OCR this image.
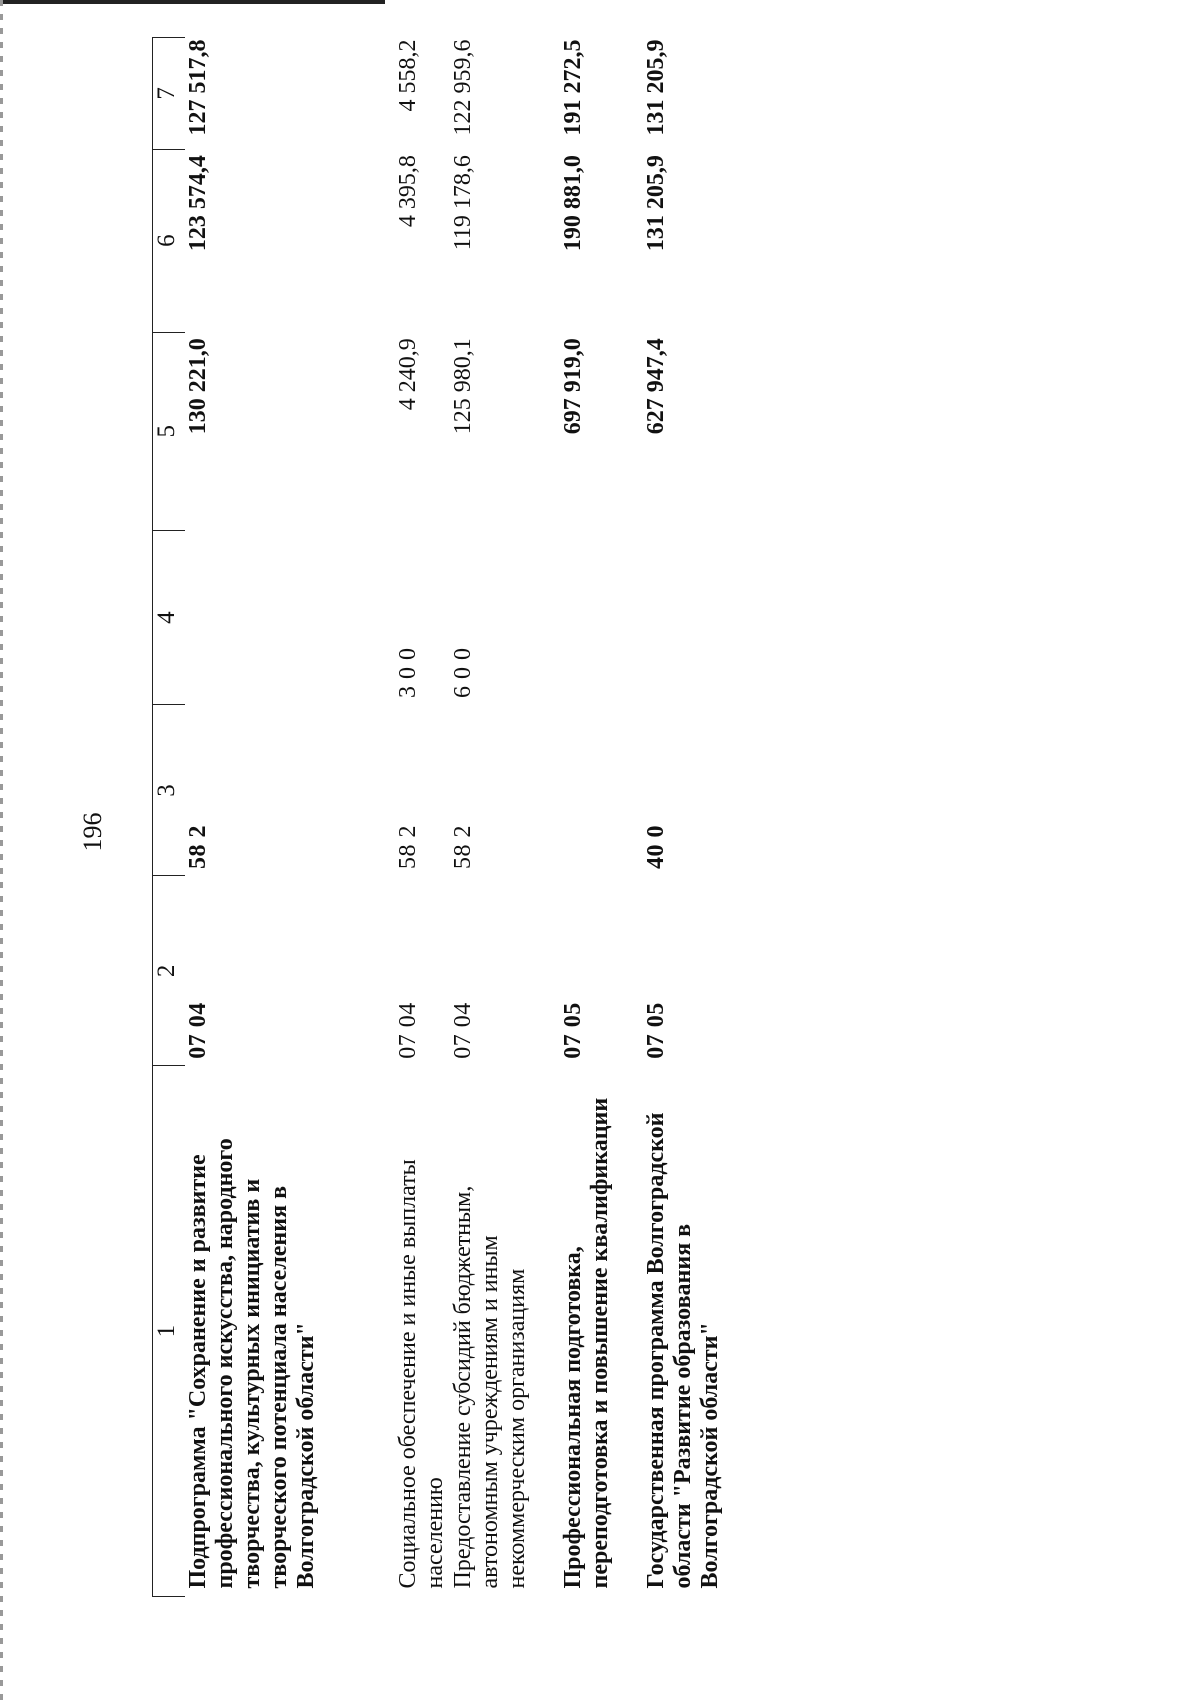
196
1	2	3	4	5	6	7

Подпрограмма "Сохранение и развитие профессионального искусства, народного творчества, культурных инициатив и творческого потенциала населения в Волгоградской области"	07 04	58 2		130 221,0	123 574,4	127 517,8

Социальное обеспечение и иные выплаты населению	07 04	58 2	3 0 0	4 240,9	4 395,8	4 558,2

Предоставление субсидий бюджетным, автономным учреждениям и иным некоммерческим организациям	07 04	58 2	6 0 0	125 980,1	119 178,6	122 959,6

Профессиональная подготовка, переподготовка и повышение квалификации	07 05			697 919,0	190 881,0	191 272,5

Государственная программа Волгоградской области "Развитие образования в Волгоградской области"	07 05	40 0		627 947,4	131 205,9	131 205,9
